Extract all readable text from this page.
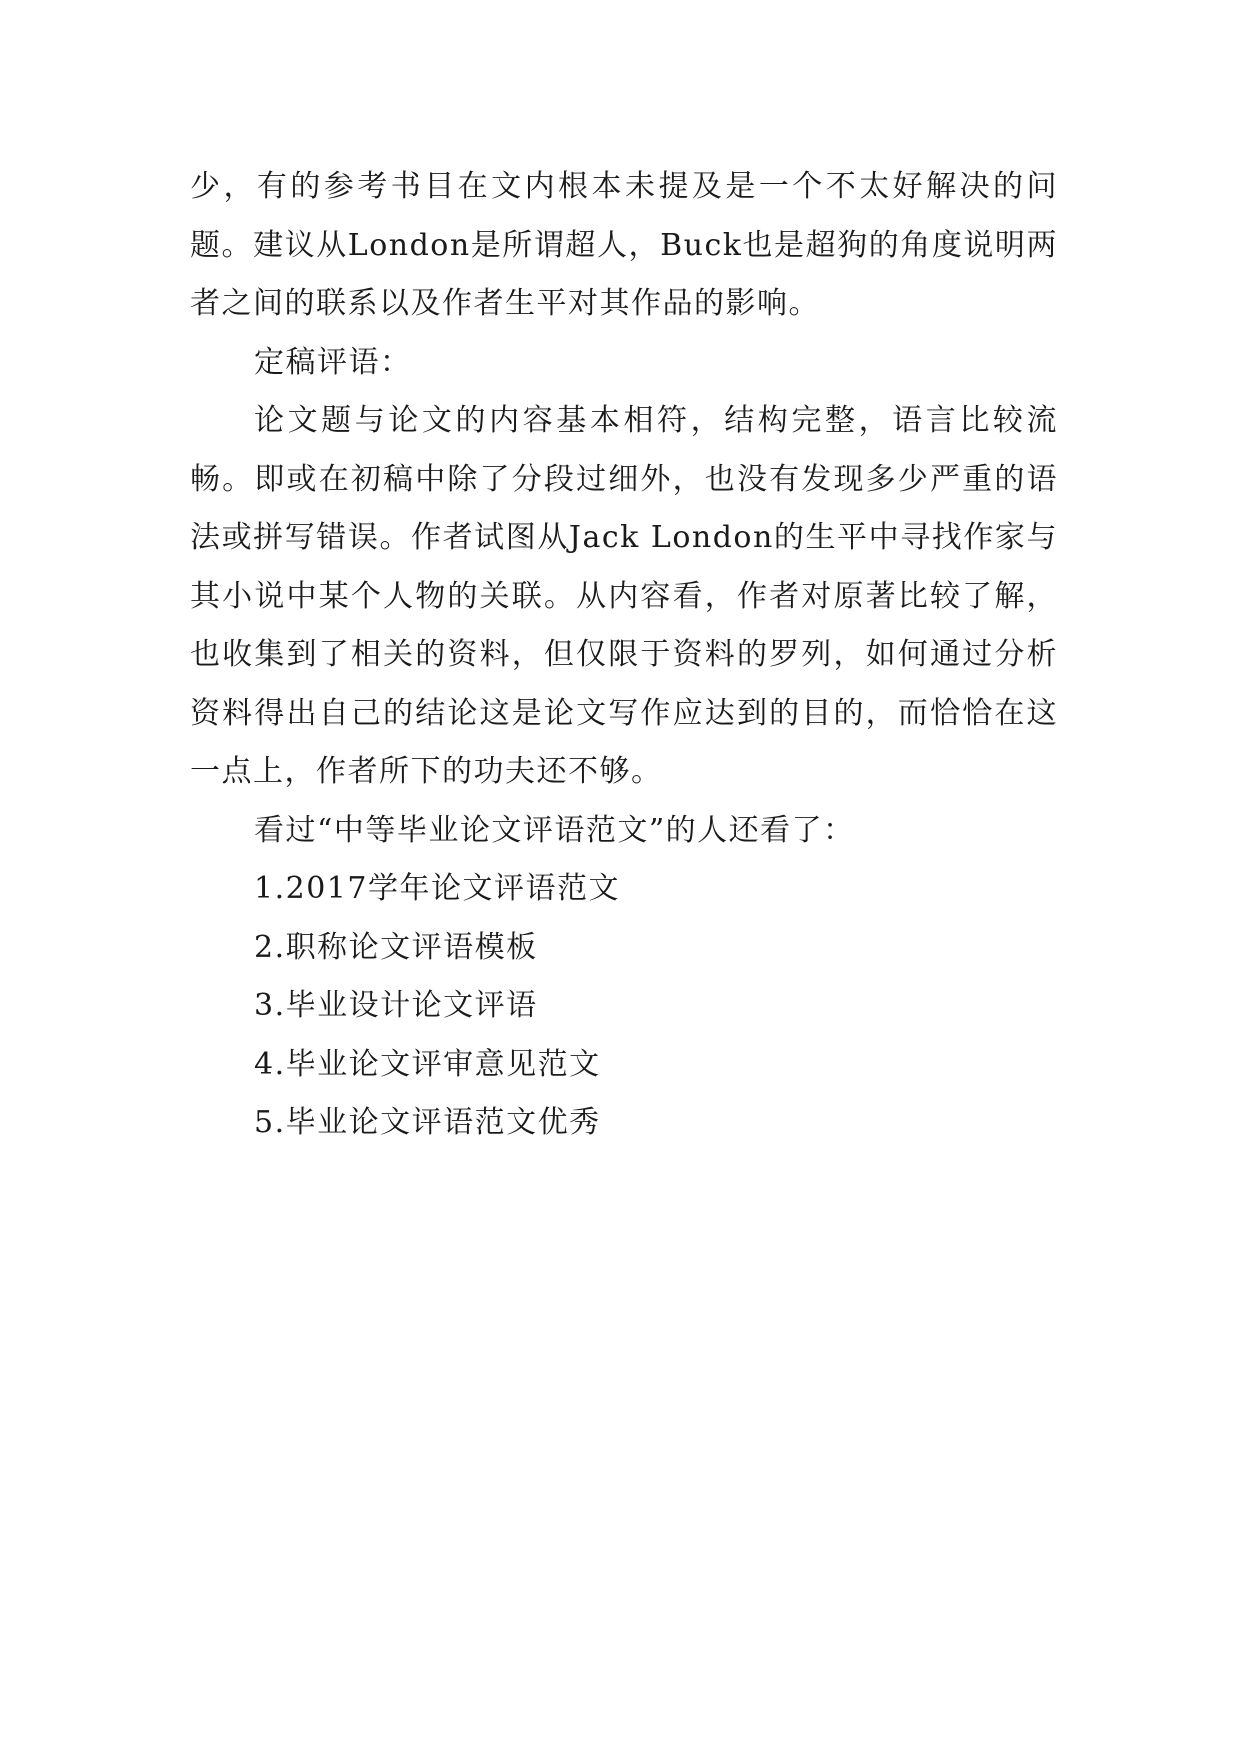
少，有的参考书目在文内根本未提及是一个不太好解决的问题。建议从London是所谓超人，Buck也是超狗的角度说明两者之间的联系以及作者生平对其作品的影响。

定稿评语：

论文题与论文的内容基本相符，结构完整，语言比较流畅。即或在初稿中除了分段过细外，也没有发现多少严重的语法或拼写错误。作者试图从Jack London的生平中寻找作家与其小说中某个人物的关联。从内容看，作者对原著比较了解，也收集到了相关的资料，但仅限于资料的罗列，如何通过分析资料得出自己的结论这是论文写作应达到的目的，而恰恰在这一点上，作者所下的功夫还不够。

看过“中等毕业论文评语范文”的人还看了：

1.2017学年论文评语范文
2.职称论文评语模板
3.毕业设计论文评语
4.毕业论文评审意见范文
5.毕业论文评语范文优秀
